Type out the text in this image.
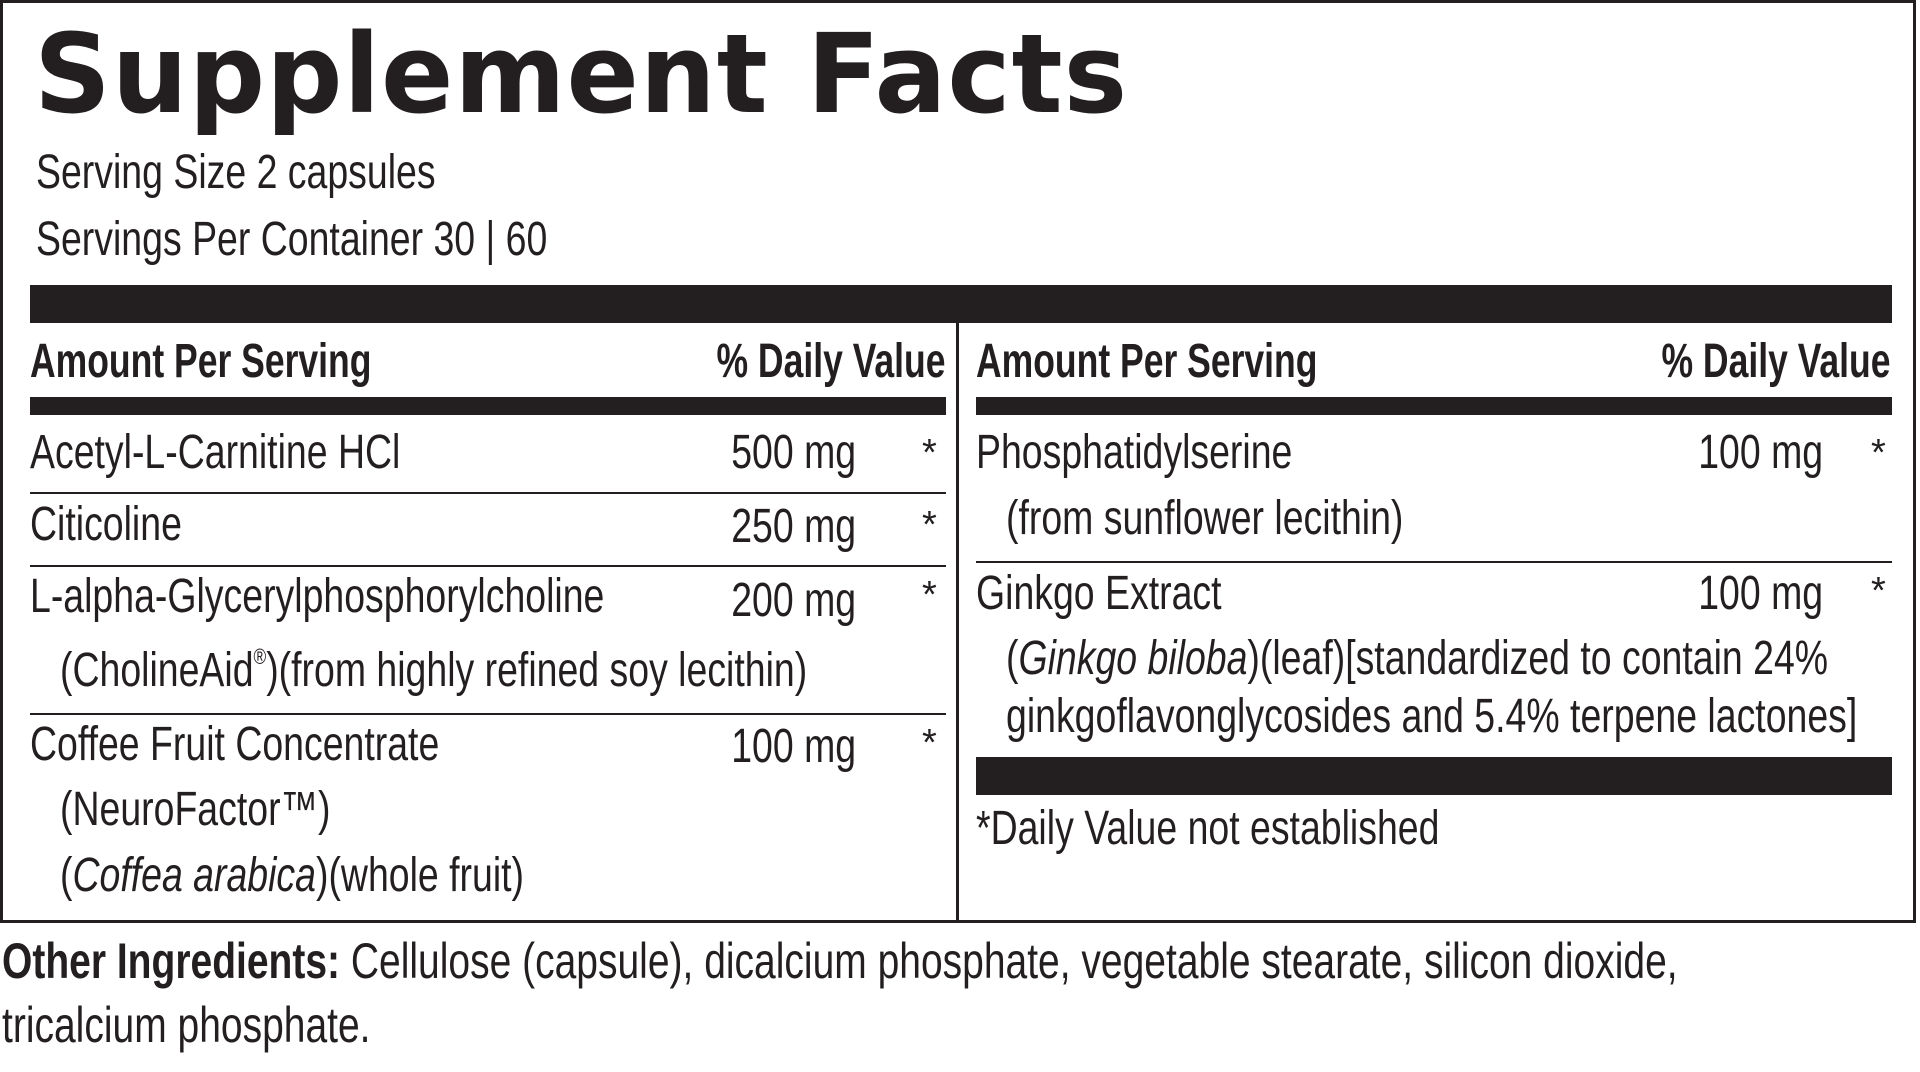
Supplement Facts
Serving Size 2 capsules
Servings Per Container 30 | 60
Amount Per Serving	% Daily Value Amount Per Serving	% Daily Value
Acetyl-L-Carnitine HCl	500 mg *
Citicoline	250 mg *
L-alpha-Glycerylphosphorylcholine	200 mg *
(CholineAid®)(from highly refined soy lecithin)
Coffee Fruit Concentrate	100 mg *
(NeuroFactor™)
(Coffea arabica)(whole fruit)
Phosphatidylserine	100 mg *
(from sunflower lecithin)
Ginkgo Extract	100 mg *
(Ginkgo biloba)(leaf)[standardized to contain 24%
ginkgoflavonglycosides and 5.4% terpene lactones]
*Daily Value not established
Other Ingredients: Cellulose (capsule), dicalcium phosphate, vegetable stearate, silicon dioxide, tricalcium phosphate.
